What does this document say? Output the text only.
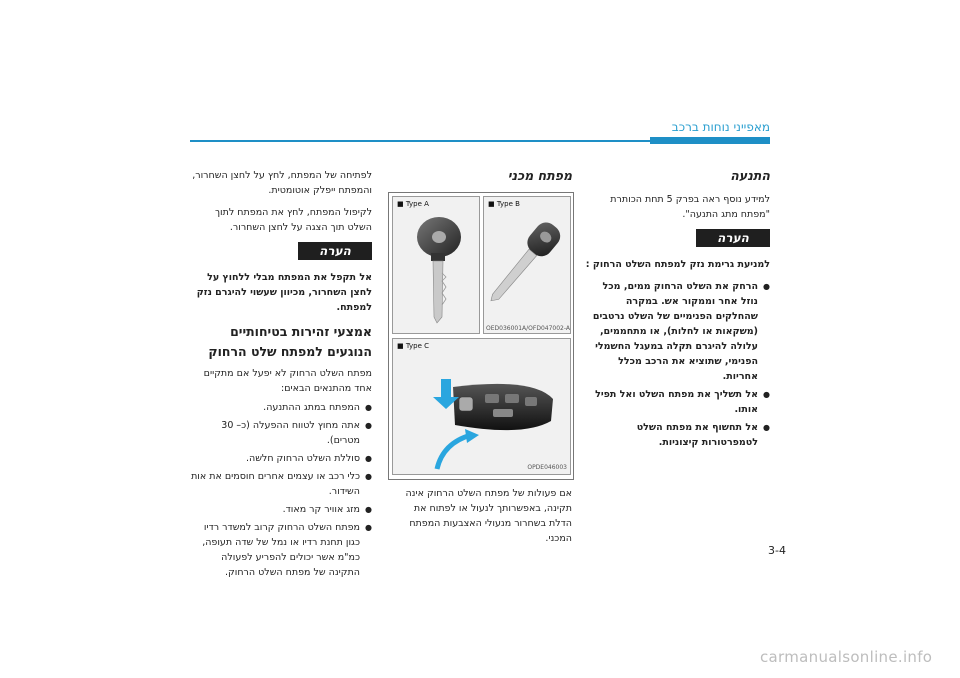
מאפייני נוחות ברכב
התנעה

למידע נוסף ראה בפרק 5 תחת הכותרת "מפתח מתג התנעה".

הערה

למניעת גרימת נזק למפתח השלט הרחוק :

● הרחק את השלט הרחוק ממים, מכל נוזל אחר וממקור אש. במקרה שהחלקים הפנימיים של השלט נרטבים (משקאות או לחלות), או מתחממים, עלולה להיגרם תקלה במעגל החשמלי הפנימי, שתוציא את הרכב מכלל אחריות.
● אל תשליך את מפתח השלט ואל תפיל אותו.
● אל תחשוף את מפתח השלט לטמפרטורות קיצוניות.
מפתח מכני
■ Type A	■ Type B
OED036001A/OFD047002-A
■ Type C
OPDE046003

אם פעולות של מפתח השלט הרחוק אינה תקינה, באפשרותך לנעול או לפתוח את הדלת בשחרור מנעולי האצבעות המפתח המכני.

לפתיחה של המפתח, לחץ על לחצן השחרור, והמפתח ייפלק אוטומטית.

לקיפול המפתח, לחץ את המפתח לתוך השלט תוך הצגה על לחצן השחרור.

הערה

אל תקפל את המפתח מבלי ללחוץ על לחצן השחרור, מכיוון שעשוי להיגרם נזק למפתח.

אמצעי זהירות בטיחותיים הנוגעים למפתח שלט הרחוק

מפתח השלט הרחוק לא יפעל אם מתקיים אחד מהתנאים הבאים:

● המפתח במתג ההתנעה.
● אתה מחוץ לטווח ההפעלה (כ– 30 מטרים).
● סוללת השלט הרחוק חלשה.
● כלי רכב או עצמים אחרים חוסמים את אות השידור.
● מזג אוויר קר מאוד.
● מפתח השלט הרחוק קרוב למשדר רדיו כגון תחנת רדיו או נמל של שדה תעופה, כמ"מ אשר יכולים להפריע לפעולה התקינה של מפתח השלט הרחוק.
3-4
carmanualsonline.info
